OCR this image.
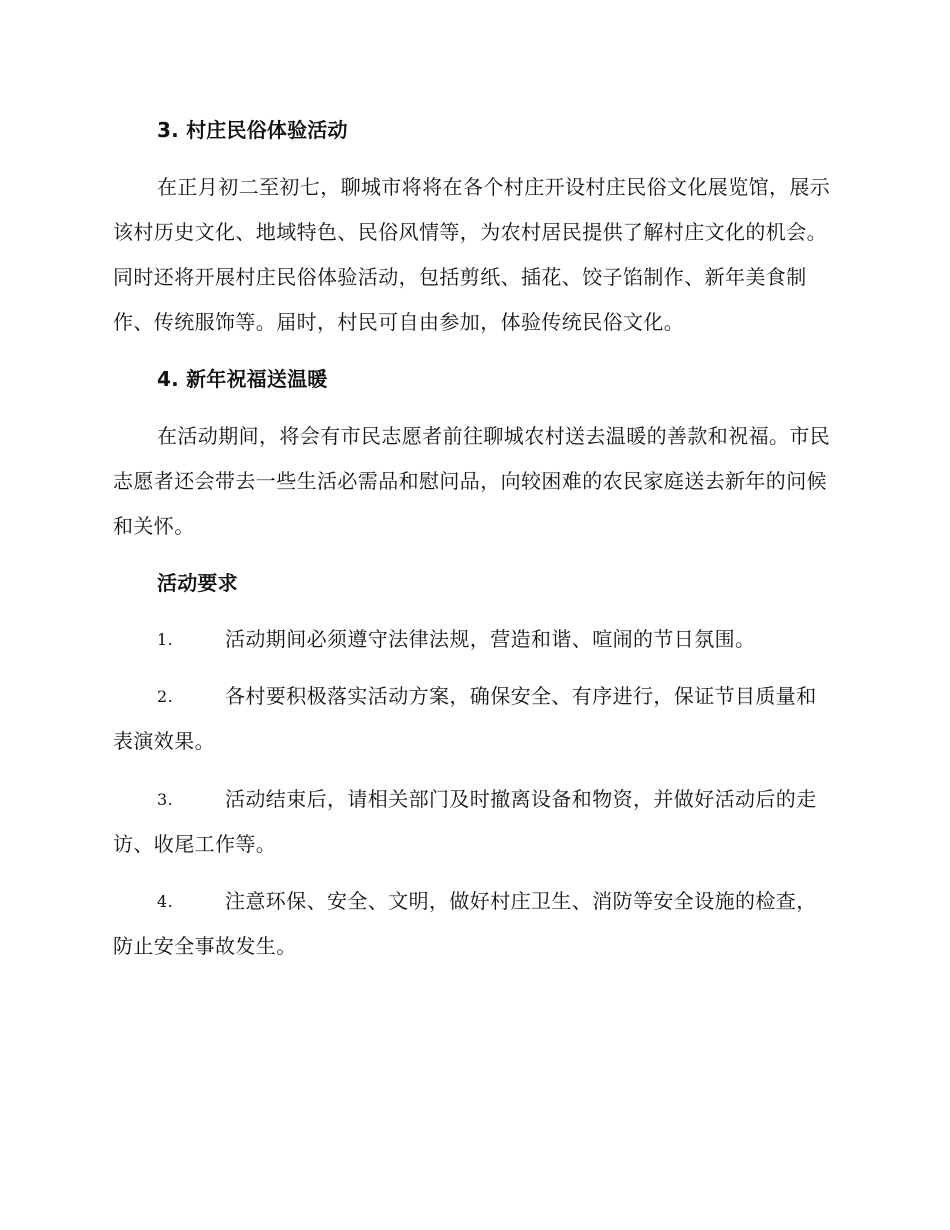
3. 村庄民俗体验活动
在正月初二至初七，聊城市将将在各个村庄开设村庄民俗文化展览馆，展示该村历史文化、地域特色、民俗风情等，为农村居民提供了解村庄文化的机会。同时还将开展村庄民俗体验活动，包括剪纸、插花、饺子馅制作、新年美食制作、传统服饰等。届时，村民可自由参加，体验传统民俗文化。
4. 新年祝福送温暖
在活动期间，将会有市民志愿者前往聊城农村送去温暖的善款和祝福。市民志愿者还会带去一些生活必需品和慰问品，向较困难的农民家庭送去新年的问候和关怀。
活动要求
1.	活动期间必须遵守法律法规，营造和谐、喧闹的节日氛围。
2.	各村要积极落实活动方案，确保安全、有序进行，保证节目质量和表演效果。
3.	活动结束后，请相关部门及时撤离设备和物资，并做好活动后的走访、收尾工作等。
4.	注意环保、安全、文明，做好村庄卫生、消防等安全设施的检查，防止安全事故发生。
